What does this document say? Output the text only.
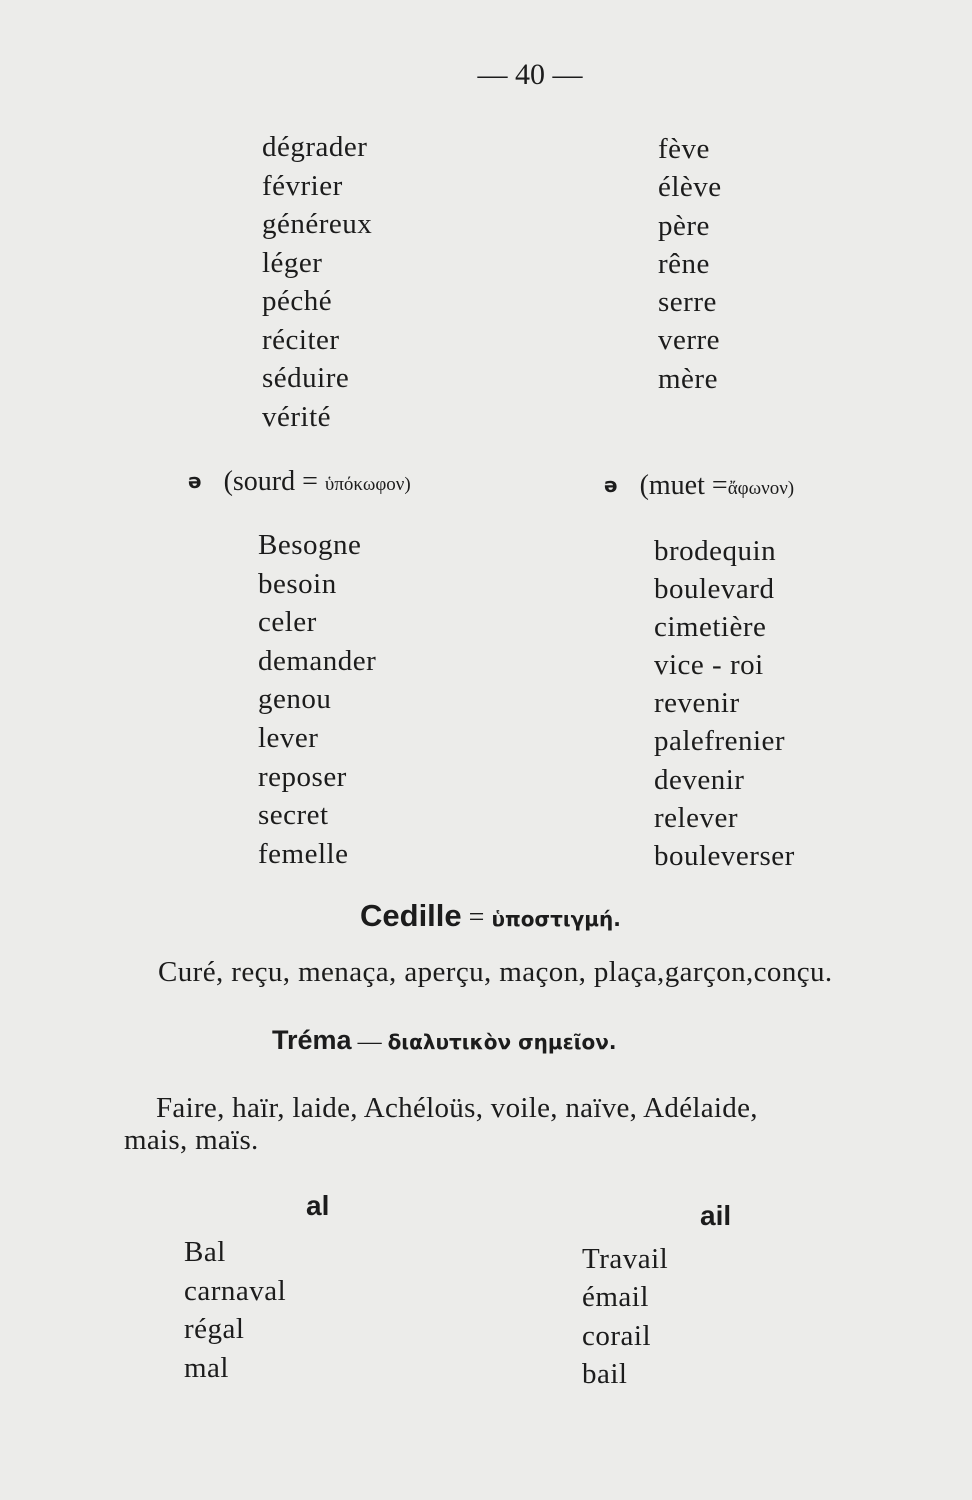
— 40 —
dégrader
février
généreux
léger
péché
réciter
séduire
vérité
fève
élève
père
rêne
serre
verre
mère
ə (sourd = ὑπόκωφον)	ə (muet =ἄφωνον)
Besogne
besoin
celer
demander
genou
lever
reposer
secret
femelle
brodequin
boulevard
cimetière
vice - roi
revenir
palefrenier
devenir
relever
bouleverser
Cedille = ὑποστιγμή.
Curé, reçu, menaça, aperçu, maçon, plaça,garçon,conçu.
Tréma — διαλυτικὸν σημεῖον.
Faire, haïr, laide, Achéloüs, voile, naïve, Adélaide,
mais, maïs.
al	ail
Bal
carnaval
régal
mal
Travail
émail
corail
bail
